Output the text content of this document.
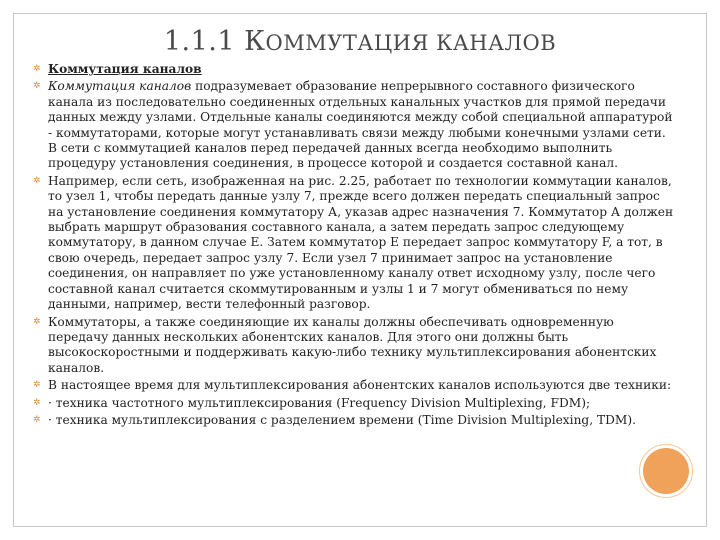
1.1.1 КОММУТАЦИЯ КАНАЛОВ
✲ Коммутация каналов
✲ Коммутация каналов подразумевает образование непрерывного составного физического канала из последовательно соединенных отдельных канальных участков для прямой передачи данных между узлами. Отдельные каналы соединяются между собой специальной аппаратурой - коммутаторами, которые могут устанавливать связи между любыми конечными узлами сети. В сети с коммутацией каналов перед передачей данных всегда необходимо выполнить процедуру установления соединения, в процессе которой и создается составной канал.
✲ Например, если сеть, изображенная на рис. 2.25, работает по технологии коммутации каналов, то узел 1, чтобы передать данные узлу 7, прежде всего должен передать специальный запрос на установление соединения коммутатору А, указав адрес назначения 7. Коммутатор А должен выбрать маршрут образования составного канала, а затем передать запрос следующему коммутатору, в данном случае Е. Затем коммутатор Е передает запрос коммутатору F, а тот, в свою очередь, передает запрос узлу 7. Если узел 7 принимает запрос на установление соединения, он направляет по уже установленному каналу ответ исходному узлу, после чего составной канал считается скоммутированным и узлы 1 и 7 могут обмениваться по нему данными, например, вести телефонный разговор.
✲ Коммутаторы, а также соединяющие их каналы должны обеспечивать одновременную передачу данных нескольких абонентских каналов. Для этого они должны быть высокоскоростными и поддерживать какую-либо технику мультиплексирования абонентских каналов.
✲ В настоящее время для мультиплексирования абонентских каналов используются две техники:
✲ · техника частотного мультиплексирования (Frequency Division Multiplexing, FDM);
✲ · техника мультиплексирования с разделением времени (Time Division Multiplexing, TDM).
